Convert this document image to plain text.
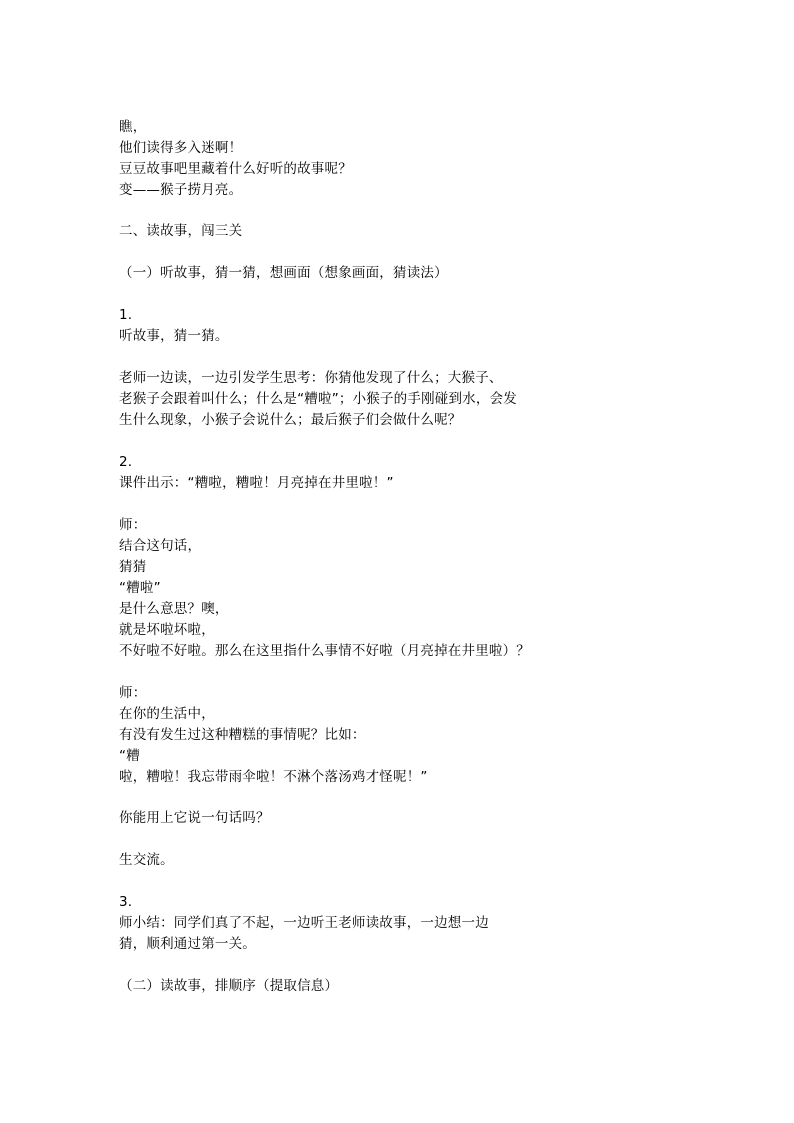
瞧，
他们读得多入迷啊！
豆豆故事吧里藏着什么好听的故事呢？
变——猴子捞月亮。
二、读故事，闯三关
（一）听故事，猜一猜，想画面（想象画面，猜读法）
1.
听故事，猜一猜。
老师一边读，一边引发学生思考：你猜他发现了什么；大猴子、
老猴子会跟着叫什么；什么是“糟啦”；小猴子的手刚碰到水，会发
生什么现象，小猴子会说什么；最后猴子们会做什么呢？
2.
课件出示：“糟啦，糟啦！月亮掉在井里啦！”
师：
结合这句话，
猜猜
“糟啦”
是什么意思？噢，
就是坏啦坏啦，
不好啦不好啦。那么在这里指什么事情不好啦（月亮掉在井里啦）？
师：
在你的生活中，
有没有发生过这种糟糕的事情呢？比如：
“糟
啦，糟啦！我忘带雨伞啦！不淋个落汤鸡才怪呢！”
你能用上它说一句话吗？
生交流。
3.
师小结：同学们真了不起，一边听王老师读故事，一边想一边
猜，顺利通过第一关。
（二）读故事，排顺序（提取信息）
